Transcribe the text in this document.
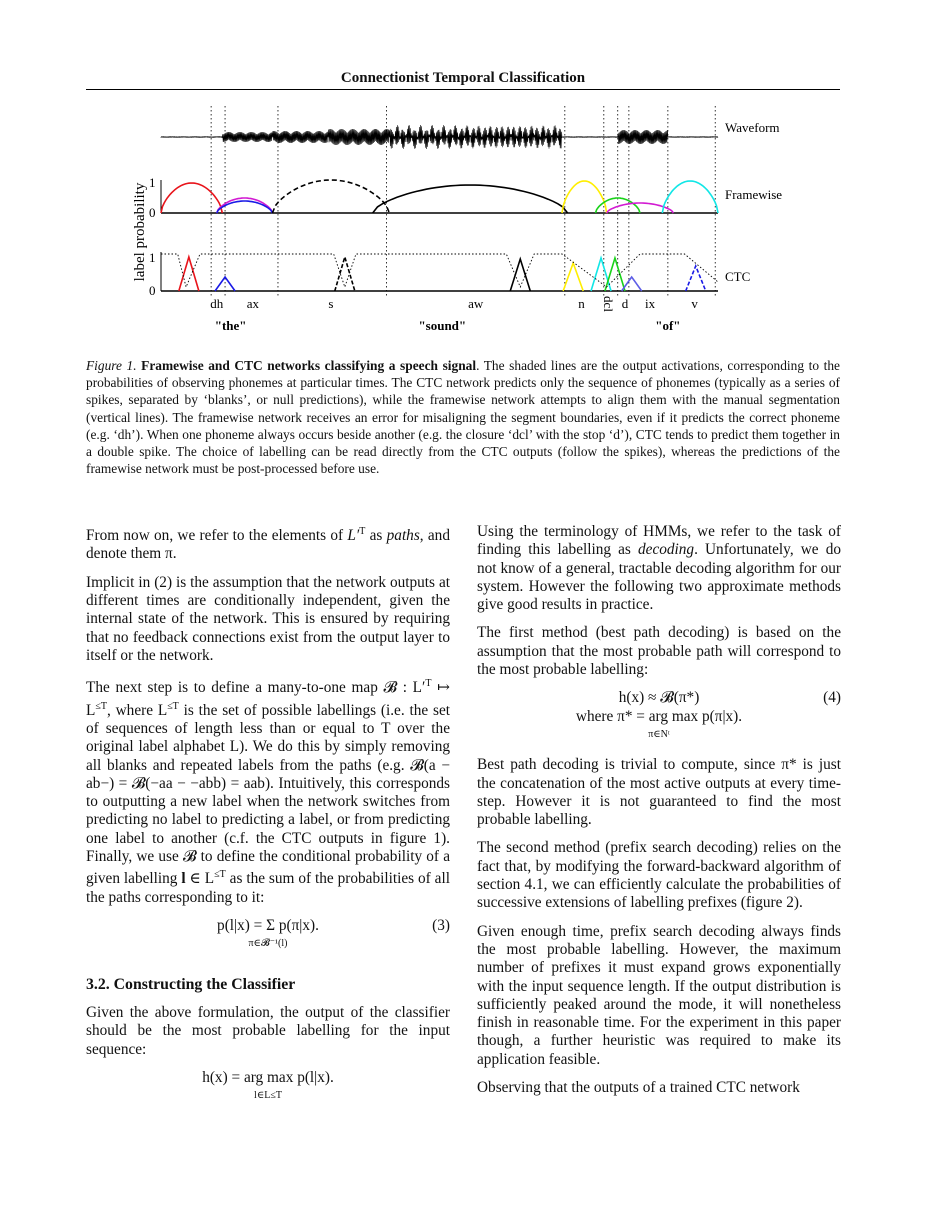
Connectionist Temporal Classification
1
0
1
0
label probability
Waveform
Framewise
CTC
dh ax	s	aw	n dcl d ix	v
"the"	"sound"	"of"
Figure 1. Framewise and CTC networks classifying a speech signal. The shaded lines are the output activations, corresponding to the probabilities of observing phonemes at particular times. The CTC network predicts only the sequence of phonemes (typically as a series of spikes, separated by ‘blanks’, or null predictions), while the framewise network attempts to align them with the manual segmentation (vertical lines). The framewise network receives an error for misaligning the segment boundaries, even if it predicts the correct phoneme (e.g. ‘dh’). When one phoneme always occurs beside another (e.g. the closure ‘dcl’ with the stop ‘d’), CTC tends to predict them together in a double spike. The choice of labelling can be read directly from the CTC outputs (follow the spikes), whereas the predictions of the framewise network must be post-processed before use.

From now on, we refer to the elements of $L'^T$ as paths, and denote them π.

Implicit in (2) is the assumption that the network outputs at different times are conditionally independent, given the internal state of the network. This is ensured by requiring that no feedback connections exist from the output layer to itself or the network.

The next step is to define a many-to-one map 𝓑 : $L'^T$ ↦ $L^{\le T}$, where $L^{\le T}$ is the set of possible labellings (i.e. the set of sequences of length less than or equal to T over the original label alphabet L). We do this by simply removing all blanks and repeated labels from the paths (e.g. 𝓑(a − ab−) = 𝓑(−aa − −abb) = aab). Intuitively, this corresponds to outputting a new label when the network switches from predicting no label to predicting a label, or from predicting one label to another (c.f. the CTC outputs in figure 1). Finally, we use 𝓑 to define the conditional probability of a given labelling l ∈ $L^{\le T}$ as the sum of the probabilities of all the paths corresponding to it:

p(l|x) = Σ p(π|x).
π∈𝓑⁻¹(l)
(3)
3.2. Constructing the Classifier

Given the above formulation, the output of the classifier should be the most probable labelling for the input sequence:

h(x) = arg max p(l|x).
l∈L≤T

Using the terminology of HMMs, we refer to the task of finding this labelling as decoding. Unfortunately, we do not know of a general, tractable decoding algorithm for our system. However the following two approximate methods give good results in practice.

The first method (best path decoding) is based on the assumption that the most probable path will correspond to the most probable labelling:

h(x) ≈ 𝓑(π*)
where π* = arg max p(π|x).
π∈Nᵗ
(4)

Best path decoding is trivial to compute, since π* is just the concatenation of the most active outputs at every time-step. However it is not guaranteed to find the most probable labelling.

The second method (prefix search decoding) relies on the fact that, by modifying the forward-backward algorithm of section 4.1, we can efficiently calculate the probabilities of successive extensions of labelling prefixes (figure 2).

Given enough time, prefix search decoding always finds the most probable labelling. However, the maximum number of prefixes it must expand grows exponentially with the input sequence length. If the output distribution is sufficiently peaked around the mode, it will nonetheless finish in reasonable time. For the experiment in this paper though, a further heuristic was required to make its application feasible.

Observing that the outputs of a trained CTC network
